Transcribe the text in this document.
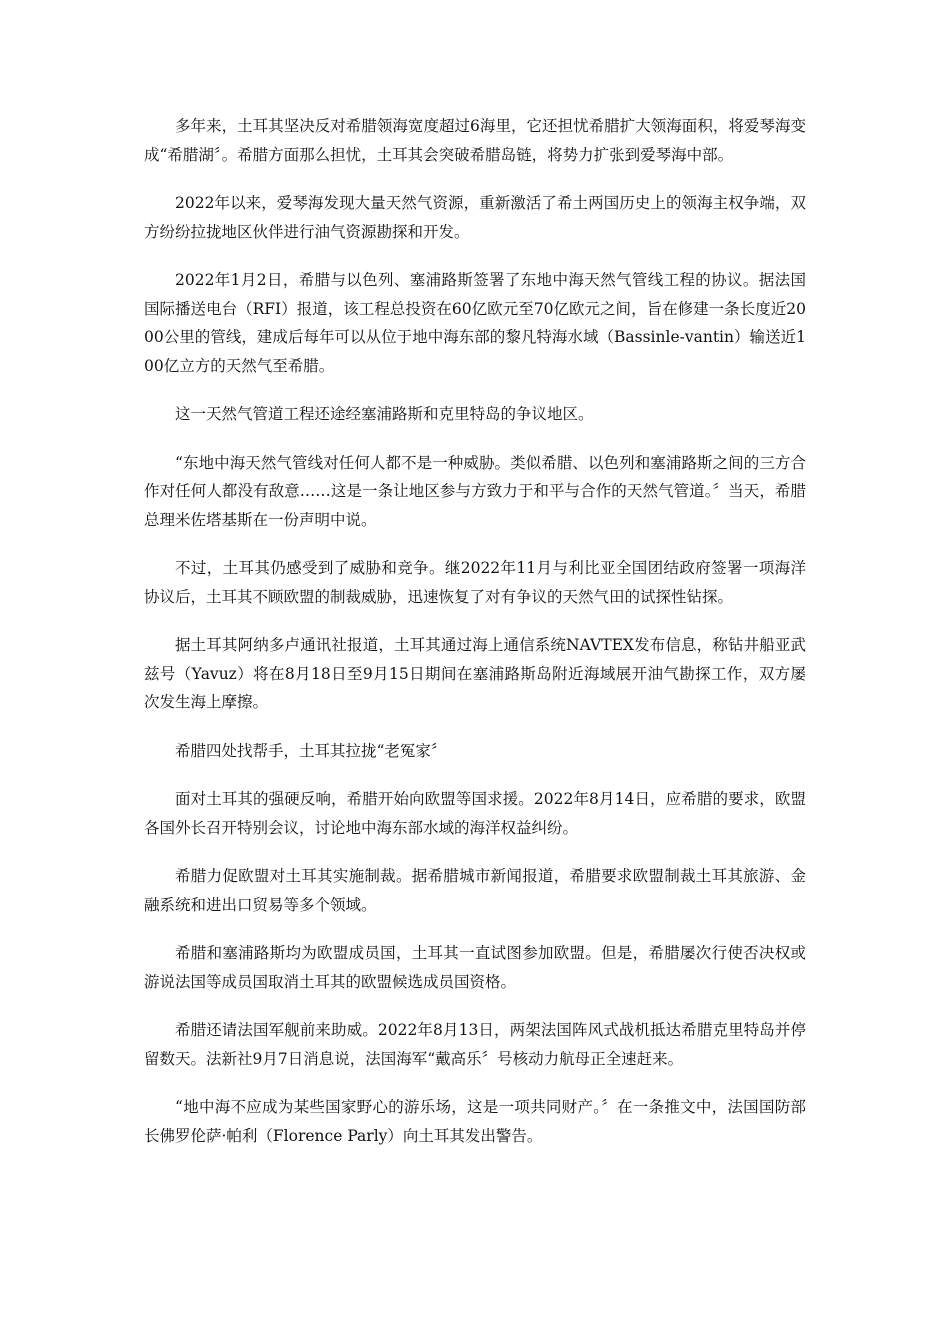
多年来，土耳其坚决反对希腊领海宽度超过6海里，它还担忧希腊扩大领海面积，将爱琴海变成“希腊湖〞。希腊方面那么担忧，土耳其会突破希腊岛链，将势力扩张到爱琴海中部。

2022年以来，爱琴海发现大量天然气资源，重新激活了希土两国历史上的领海主权争端，双方纷纷拉拢地区伙伴进行油气资源勘探和开发。

2022年1月2日，希腊与以色列、塞浦路斯签署了东地中海天然气管线工程的协议。据法国国际播送电台（RFI）报道，该工程总投资在60亿欧元至70亿欧元之间，旨在修建一条长度近2000公里的管线，建成后每年可以从位于地中海东部的黎凡特海水域（Bassinle-vantin）输送近100亿立方的天然气至希腊。

这一天然气管道工程还途经塞浦路斯和克里特岛的争议地区。

“东地中海天然气管线对任何人都不是一种威胁。类似希腊、以色列和塞浦路斯之间的三方合作对任何人都没有敌意……这是一条让地区参与方致力于和平与合作的天然气管道。〞当天，希腊总理米佐塔基斯在一份声明中说。

不过，土耳其仍感受到了威胁和竞争。继2022年11月与利比亚全国团结政府签署一项海洋协议后，土耳其不顾欧盟的制裁威胁，迅速恢复了对有争议的天然气田的试探性钻探。

据土耳其阿纳多卢通讯社报道，土耳其通过海上通信系统NAVTEX发布信息，称钻井船亚武兹号（Yavuz）将在8月18日至9月15日期间在塞浦路斯岛附近海域展开油气勘探工作，双方屡次发生海上摩擦。

希腊四处找帮手，土耳其拉拢“老冤家〞

面对土耳其的强硬反响，希腊开始向欧盟等国求援。2022年8月14日，应希腊的要求，欧盟各国外长召开特别会议，讨论地中海东部水域的海洋权益纠纷。

希腊力促欧盟对土耳其实施制裁。据希腊城市新闻报道，希腊要求欧盟制裁土耳其旅游、金融系统和进出口贸易等多个领域。

希腊和塞浦路斯均为欧盟成员国，土耳其一直试图参加欧盟。但是，希腊屡次行使否决权或游说法国等成员国取消土耳其的欧盟候选成员国资格。

希腊还请法国军舰前来助威。2022年8月13日，两架法国阵风式战机抵达希腊克里特岛并停留数天。法新社9月7日消息说，法国海军“戴高乐〞号核动力航母正全速赶来。

“地中海不应成为某些国家野心的游乐场，这是一项共同财产。〞在一条推文中，法国国防部长佛罗伦萨·帕利（Florence Parly）向土耳其发出警告。
